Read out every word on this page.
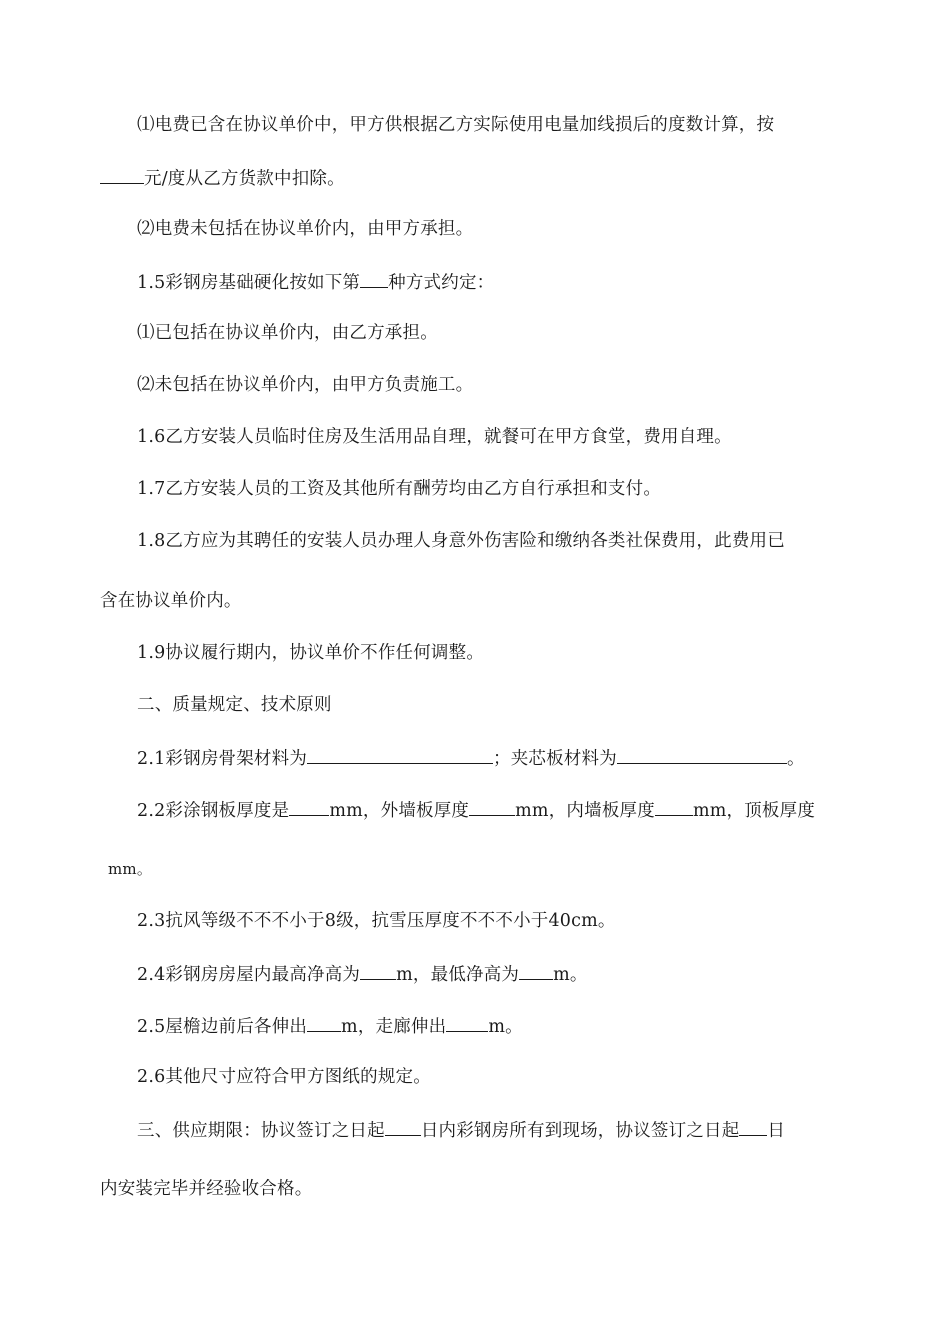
⑴电费已含在协议单价中，甲方供根据乙方实际使用电量加线损后的度数计算，按
元/度从乙方货款中扣除。
⑵电费未包括在协议单价内，由甲方承担。
1.5彩钢房基础硬化按如下第 种方式约定：
⑴已包括在协议单价内，由乙方承担。
⑵未包括在协议单价内，由甲方负责施工。
1.6乙方安装人员临时住房及生活用品自理，就餐可在甲方食堂，费用自理。
1.7乙方安装人员的工资及其他所有酬劳均由乙方自行承担和支付。
1.8乙方应为其聘任的安装人员办理人身意外伤害险和缴纳各类社保费用，此费用已
含在协议单价内。
1.9协议履行期内，协议单价不作任何调整。
二、质量规定、技术原则
2.1彩钢房骨架材料为	；夹芯板材料为	。
2.2彩涂钢板厚度是 mm，外墙板厚度	mm，内墙板厚度 mm，顶板厚度
mm。
2.3抗风等级不不不小于8级，抗雪压厚度不不不小于40cm。
2.4彩钢房房屋内最高净高为 m，最低净高为 m。
2.5屋檐边前后各伸出 m，走廊伸出 m。
2.6其他尺寸应符合甲方图纸的规定。
三、供应期限：协议签订之日起 日内彩钢房所有到现场，协议签订之日起 日
内安装完毕并经验收合格。
